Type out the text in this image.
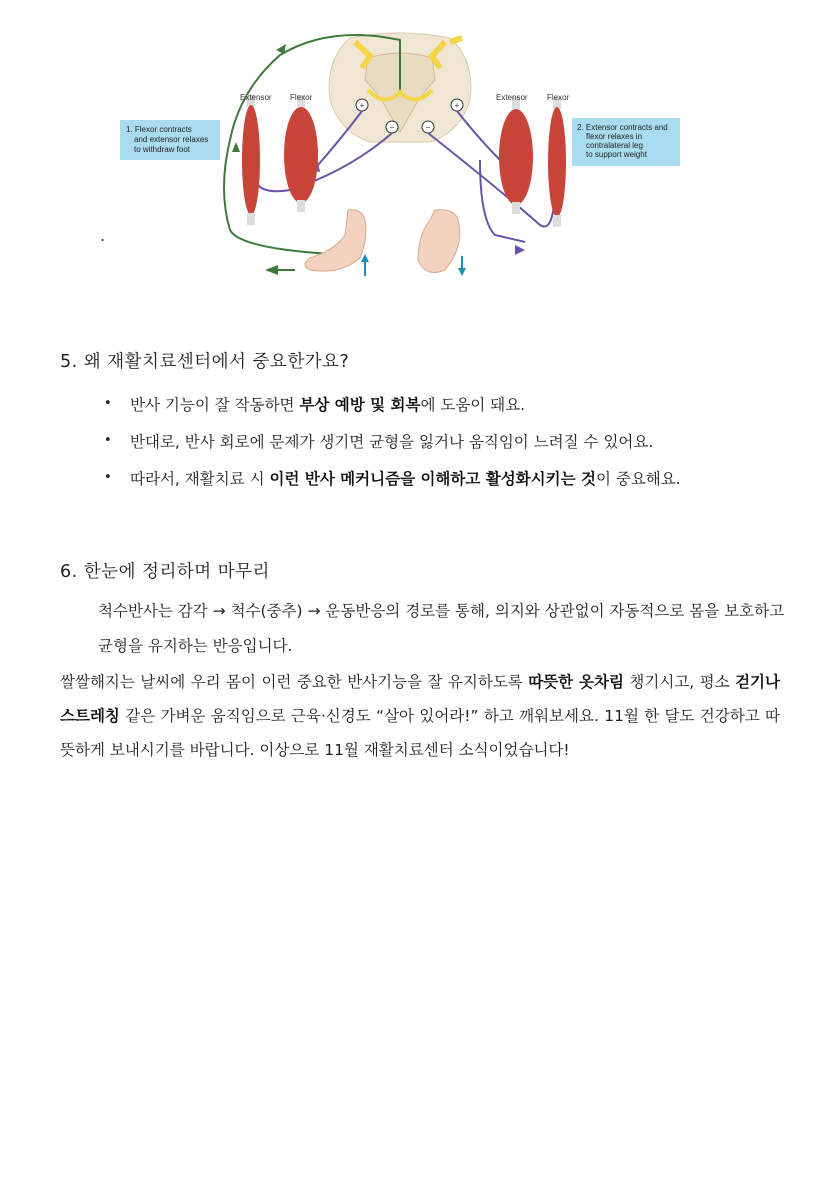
+	+
−	−
Extensor Flexor	Extensor Flexor
1. Flexor contracts
and extensor relaxes
to withdraw foot
2. Extensor contracts and
flexor relaxes in
contralateral leg
to support weight
.
5. 왜 재활치료센터에서 중요한가요?
• 반사 기능이 잘 작동하면 부상 예방 및 회복에 도움이 돼요.
• 반대로, 반사 회로에 문제가 생기면 균형을 잃거나 움직임이 느려질 수 있어요.
• 따라서, 재활치료 시 이런 반사 메커니즘을 이해하고 활성화시키는 것이 중요해요.
6. 한눈에 정리하며 마무리
척수반사는 감각 → 척수(중추) → 운동반응의 경로를 통해, 의지와 상관없이 자동적으로 몸을 보호하고 균형을 유지하는 반응입니다.
쌀쌀해지는 날씨에 우리 몸이 이런 중요한 반사기능을 잘 유지하도록 따뜻한 옷차림 챙기시고, 평소 걷기나 스트레칭 같은 가벼운 움직임으로 근육·신경도 “살아 있어라!” 하고 깨워보세요. 11월 한 달도 건강하고 따뜻하게 보내시기를 바랍니다. 이상으로 11월 재활치료센터 소식이었습니다!
